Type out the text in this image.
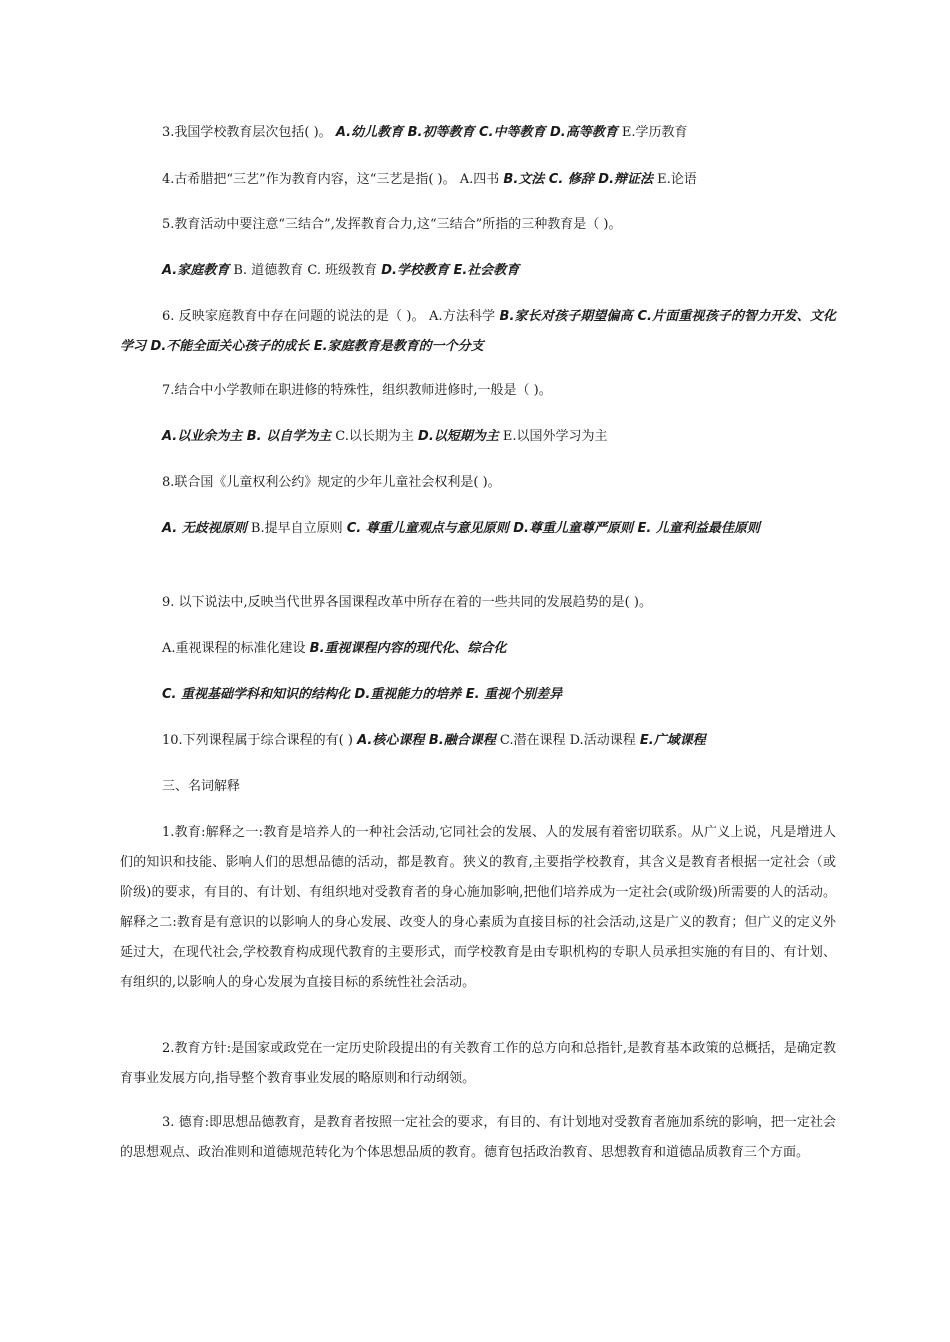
3.我国学校教育层次包括( )。 A.幼儿教育 B.初等教育 C.中等教育 D.高等教育 E.学历教育
4.古希腊把“三艺”作为教育内容，这“三艺是指( )。 A.四书 B.文法 C. 修辞 D.辩证法 E.论语
5.教育活动中要注意“三结合”,发挥教育合力,这“三结合”所指的三种教育是（ )。
A.家庭教育 B. 道德教育 C. 班级教育 D.学校教育 E.社会教育
6. 反映家庭教育中存在问题的说法的是（ )。 A.方法科学 B.家长对孩子期望偏高 C.片面重视孩子的智力开发、文化学习 D.不能全面关心孩子的成长 E.家庭教育是教育的一个分支
7.结合中小学教师在职进修的特殊性，组织教师进修时,一般是（ )。
A.以业余为主 B. 以自学为主 C.以长期为主 D.以短期为主 E.以国外学习为主
8.联合国《儿童权利公约》规定的少年儿童社会权利是( )。
A. 无歧视原则 B.提早自立原则 C. 尊重儿童观点与意见原则 D.尊重儿童尊严原则 E. 儿童利益最佳原则
9. 以下说法中,反映当代世界各国课程改革中所存在着的一些共同的发展趋势的是( )。
A.重视课程的标准化建设 B.重视课程内容的现代化、综合化
C. 重视基础学科和知识的结构化 D.重视能力的培养 E. 重视个别差异
10.下列课程属于综合课程的有( ) A.核心课程 B.融合课程 C.潜在课程 D.活动课程 E.广域课程
三、名词解释
1.教育:解释之一:教育是培养人的一种社会活动,它同社会的发展、人的发展有着密切联系。从广义上说，凡是增进人们的知识和技能、影响人们的思想品德的活动，都是教育。狭义的教育,主要指学校教育，其含义是教育者根据一定社会（或阶级)的要求，有目的、有计划、有组织地对受教育者的身心施加影响,把他们培养成为一定社会(或阶级)所需要的人的活动。解释之二:教育是有意识的以影响人的身心发展、改变人的身心素质为直接目标的社会活动,这是广义的教育；但广义的定义外延过大，在现代社会,学校教育构成现代教育的主要形式，而学校教育是由专职机构的专职人员承担实施的有目的、有计划、有组织的,以影响人的身心发展为直接目标的系统性社会活动。
2.教育方针:是国家或政党在一定历史阶段提出的有关教育工作的总方向和总指针,是教育基本政策的总概括，是确定教育事业发展方向,指导整个教育事业发展的略原则和行动纲领。
3. 德育:即思想品德教育，是教育者按照一定社会的要求，有目的、有计划地对受教育者施加系统的影响，把一定社会的思想观点、政治准则和道德规范转化为个体思想品质的教育。德育包括政治教育、思想教育和道德品质教育三个方面。
